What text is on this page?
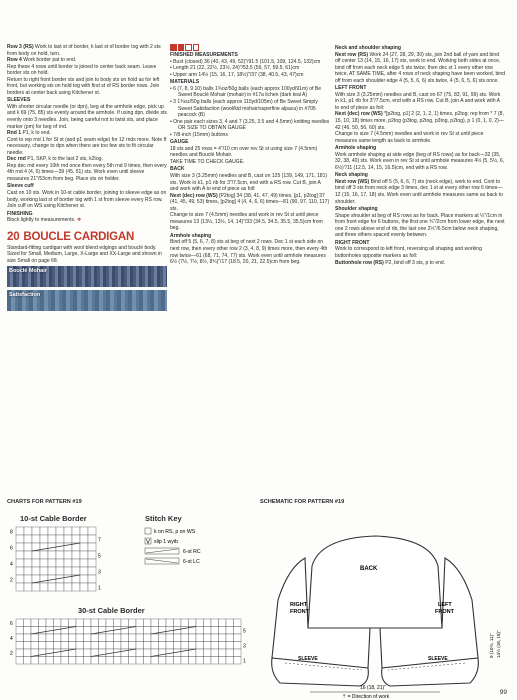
Row 3 (RS) Work to last st of border, k last st of border tog with 2 sts from body on hold, turn.

Row 4 Work border pat to end.

Rep these 4 rows until border is joined to center back seam. Leave border sts on hold.

Return to right front border sts and join to body sts on hold as for left front, but working sts on hold tog with first st of RS border rows. Join borders at center back using Kitchener st.

SLEEVES

With shorter circular needle (or dpn), beg at the armhole edge, pick up and k 69 (75, 85) sts evenly around the armhole. If using dpn, divide sts evenly onto 3 needles. Join, being careful not to twist sts, and place marker (pm) for beg of rnd.

Rnd 1 P1, k to end.

Cont to rep rnd 1 for St st (and p1 seam edge) for 12 rnds more. Note If necessary, change to dpn when there are too few sts to fit circular needle.

Dec rnd P1, SKP, k to the last 2 sts, k2tog.

Rep dec rnd every 10th rnd once then every 5th rnd 9 times, then every 4th rnd 4 (4, 6) times—39 (45, 51) sts. Work even until sleeve measures 21"/53cm from beg. Place sts on holder.

Sleeve cuff

Cast on 10 sts. Work in 10-st cable border, joining to sleeve edge as on body, working last st of border tog with 1 st from sleeve every RS row. Join cuff on WS using Kitchener st.

FINISHING

Block lightly to measurements. ❖

20 BOUCLE CARDIGAN

Standard-fitting cardigan with wool blend edgings and bouclé body. Sized for Small, Medium, Large, X-Large and XX-Large and shown in size Small on page 68.

Bouclé Mohair
Satisfaction

FINISHED MEASUREMENTS

• Bust (closed) 36 (40, 43, 49, 52)"/91.5 (101.5, 109, 124.5, 132)cm

• Length 21 (22, 22½, 23½, 24)"/53.5 (56, 57, 59.5, 61)cm

• Upper arm 14½ (15, 16, 17, 18½)"/37 (38, 40.5, 43, 47)cm

MATERIALS

• 6 (7, 8, 9 10) balls 1¾oz/50g balls (each approx 100yd/91m) of Be Sweet Bouclé Mohair (mohair) in #17a lichen (dark teal A)

• 3 1¾oz/50g balls (each approx 115yd/105m) of Be Sweet Simply Sweet Satisfaction (wool/kid mohair/superfine alpaca) in #705 peacock (B)

• One pair each sizes 3, 4 and 7 (3.25, 3.5 and 4.5mm) knitting needles OR SIZE TO OBTAIN GAUGE

• 7/8-inch (15mm) buttons

GAUGE

18 sts and 25 rows = 4"/10 cm over rev St st using size 7 (4.5mm) needles and Bouclé Mohair.

TAKE TIME TO CHECK GAUGE.

BACK

With size 3 (3.25mm) needles and B, cast on 125 (139, 149, 171, 181) sts. Work in k1, p1 rib for 3"/7.5cm, end with a RS row. Cut B, join A and work with A to end of piece as foll:

Next (dec) row (WS) [P2tog] 34 (38, 41, 47, 49) times, [p1, p2tog] 37 (41, 45, 49, 53) times, [p2tog] 4 (4, 4, 6, 6) times—81 (90, 97, 110, 117) sts.

Change to size 7 (4.5mm) needles and work in rev St st until piece measures 13 (13½, 13½, 14, 14)"/33 (34.5, 34.5, 35.5, 35.5)cm from beg.

Armhole shaping

Bind off 5 (5, 6, 7, 8) sts at beg of next 2 rows. Dec 1 st each side on next row, then every other row 2 (3, 4, 8, 9) times more, then every 4th row twice—61 (68, 71, 74, 77) sts. Work even until armhole measures 6½ (7½, 7½, 8½, 8¾)"/17 (18.5, 20, 21, 22.5)cm from beg.

Neck and shoulder shaping

Next row (RS) Work 24 (27, 28, 29, 30) sts, join 2nd ball of yarn and bind off center 13 (14, 15, 16, 17) sts, work to end. Working both sides at once, bind off from each neck edge 5 sts twice, then dec st 1 every other row twice, AT SAME TIME, after 4 rows of neck shaping have been worked, bind off from each shoulder edge 4 (5, 5, 6, 6) sts twice, 4 (5, 6, 5, 6) sts once.

LEFT FRONT

With size 3 (3.25mm) needles and B, cast on 67 (75, 83, 91, 99) sts. Work in k1, p1 rib for 3"/7.5cm, end with a RS row. Cut B, join A and work with A to end of piece as foll:

Next (dec) row (WS) *[p2tog, p1] 2 (2, 1, 2, 1) times, p2tog; rep from * 7 (8, 15, 10, 18) times more, p2tog (p3tog, p2tog, p3tog, p2tog), p 1 (0, 1, 0, 2)—42 (46, 50, 56, 60) sts.

Change to size 7 (4.5mm) needles and work in rev St st until piece measures same length as back to armhole.

Armhole shaping

Work armhole shaping at side edge (beg of RS rows) as for back—32 (35, 32, 38, 40) sts. Work even in rev St st until armhole measures 4½ (5, 5½, 6, 6½)"/11 (12.5, 14, 15, 16.5)cm, end with a RS row.

Neck shaping

Next row (WS) Bind off 5 (5, 6, 6, 7) sts (neck edge), work to end. Cont to bind off 3 sts from neck edge 3 times, dec 1 st at every other row 6 times—12 (15, 16, 17, 18) sts. Work even until armhole measures same as back to shoulder.

Shoulder shaping

Shape shoulder at beg of RS rows as for back. Place markers at ½"/1cm in from front edge for 6 buttons, the first one ¾"/2cm from lower edge, the next one 2 rows above end of rib, the last one 2½"/6.5cm below neck shaping, and three others spaced evenly between.

RIGHT FRONT

Work to correspond to left front, reversing all shaping and working buttonholes opposite markers as foll:

Buttonhole row (RS) P2, bind off 3 sts, p to end.

CHARTS FOR PATTERN #19	SCHEMATIC FOR PATTERN #19
10-st Cable Border
8
7
6
5
4
3
2
1
Stitch Key
k on RS, p on WS
V slip 1 wyib
6-st RC
6-st LC
30-st Cable Border
6
5
4
3
2
1
BACK
RIGHT FRONT
LEFT FRONT
SLEEVE	SLEEVE
16 (18, 21)"
⇡ = Direction of work
9 (10½, 11)" 14½ (16, 18)"
99
